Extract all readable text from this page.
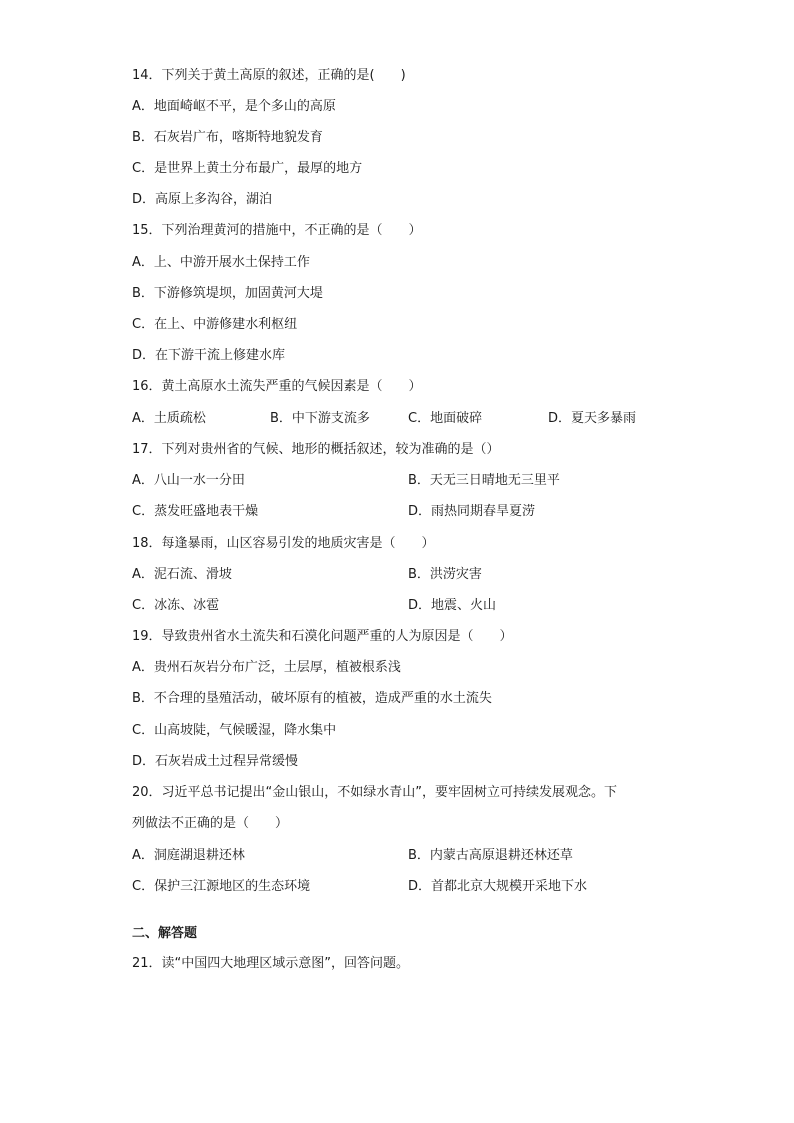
14．下列关于黄土高原的叙述，正确的是(　　)
A．地面崎岖不平，是个多山的高原
B．石灰岩广布，喀斯特地貌发育
C．是世界上黄土分布最广，最厚的地方
D．高原上多沟谷，湖泊
15．下列治理黄河的措施中，不正确的是（　　）
A．上、中游开展水土保持工作
B．下游修筑堤坝，加固黄河大堤
C．在上、中游修建水利枢纽
D．在下游干流上修建水库
16．黄土高原水土流失严重的气候因素是（　　）
A．土质疏松	B．中下游支流多	C．地面破碎	D．夏天多暴雨
17．下列对贵州省的气候、地形的概括叙述，较为准确的是（）
A．八山一水一分田	B．天无三日晴地无三里平
C．蒸发旺盛地表干燥	D．雨热同期春旱夏涝
18．每逢暴雨，山区容易引发的地质灾害是（　　）
A．泥石流、滑坡	B．洪涝灾害
C．冰冻、冰雹	D．地震、火山
19．导致贵州省水土流失和石漠化问题严重的人为原因是（　　）
A．贵州石灰岩分布广泛，土层厚，植被根系浅
B．不合理的垦殖活动，破坏原有的植被，造成严重的水土流失
C．山高坡陡，气候暖湿，降水集中
D．石灰岩成土过程异常缓慢
20．习近平总书记提出“金山银山，不如绿水青山”，要牢固树立可持续发展观念。下
列做法不正确的是（　　）
A．洞庭湖退耕还林	B．内蒙古高原退耕还林还草
C．保护三江源地区的生态环境	D．首都北京大规模开采地下水
二、解答题
21．读“中国四大地理区域示意图”，回答问题。
